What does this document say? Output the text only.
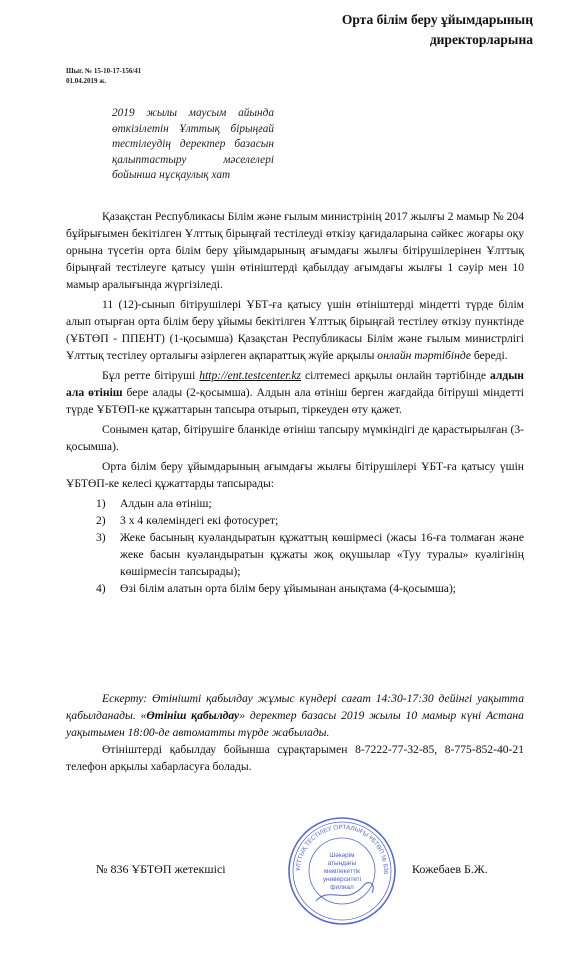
Орта білім беру ұйымдарының
директорларына
Шыг. № 15-10-17-156/41
01.04.2019 ж.
2019 жылы маусым айында өткізілетін Ұлттық бірыңғай тестілеудің деректер базасын қалыптастыру мәселелері бойынша нұсқаулық хат

Қазақстан Республикасы Білім және ғылым министрінің 2017 жылғы 2 мамыр № 204 бұйрығымен бекітілген Ұлттық бірыңғай тестілеуді өткізу қағидаларына сәйкес жоғары оқу орнына түсетін орта білім беру ұйымдарының ағымдағы жылғы бітірушілерінен Ұлттық бірыңғай тестілеуге қатысу үшін өтініштерді қабылдау ағымдағы жылғы 1 сәуір мен 10 мамыр аралығында жүргізіледі.

11 (12)-сынып бітірушілері ҰБТ-ға қатысу үшін өтініштерді міндетті түрде білім алып отырған орта білім беру ұйымы бекітілген Ұлттық бірыңғай тестілеу өткізу пунктінде (ҰБТӨП - ППЕНТ) (1-қосымша) Қазақстан Республикасы Білім және ғылым министрлігі Ұлттық тестілеу орталығы әзірлеген ақпараттық жүйе арқылы онлайн тәртібінде береді.

Бұл ретте бітіруші http://ent.testcenter.kz сілтемесі арқылы онлайн тәртібінде алдын ала өтініш бере алады (2-қосымша). Алдын ала өтініш берген жағдайда бітіруші міндетті түрде ҰБТӨП-ке құжаттарын тапсыра отырып, тіркеуден өту қажет.

Сонымен қатар, бітірушіге бланкіде өтініш тапсыру мүмкіндігі де қарастырылған (3-қосымша).

Орта білім беру ұйымдарының ағымдағы жылғы бітірушілері ҰБТ-ға қатысу үшін ҰБТӨП-ке келесі құжаттарды тапсырады:

1) Алдын ала өтініш;
2) 3 х 4 көлеміндегі екі фотосурет;
3) Жеке басының куәландыратын құжаттың көшірмесі (жасы 16-ға толмаған және жеке басын куәландыратын құжаты жоқ оқушылар «Туу туралы» куәлігінің көшірмесін тапсырады);
4) Өзі білім алатын орта білім беру ұйымынан анықтама (4-қосымша);

Ескерту: Өтінішті қабылдау жұмыс күндері сағат 14:30-17:30 дейінгі уақытта қабылданады. «Өтініш қабылдау» деректер базасы 2019 жылы 10 мамыр күні Астана уақытымен 18:00-де автоматты түрде жабылады.

Өтініштерді қабылдау бойынша сұрақтарымен 8-7222-77-32-85, 8-775-852-40-21 телефон арқылы хабарласуға болады.

№ 836 ҰБТӨП жетекшісі	Кожебаев Б.Ж.
ҰЛТТЫҚ ТЕСТІЛЕУ ОРТАЛЫҒЫ ҰБТӨП № 836
Шәкәрім
атындағы
мемлекеттік
университеті
филиал
